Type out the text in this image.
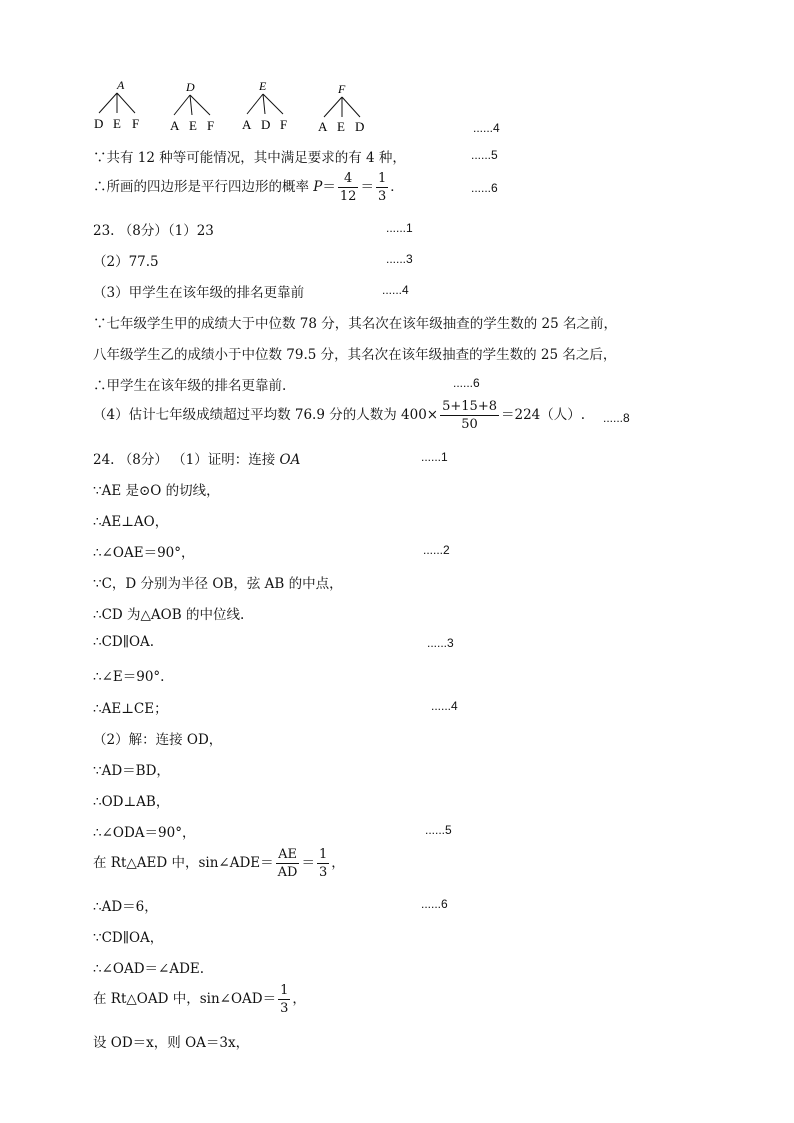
A
D E F
D
A E F
E
A D F
F
A E D	......4
∵共有 12 种等可能情况，其中满足要求的有 4 种，	......5
∴所画的四边形是平行四边形的概率 $P= \frac{4}{12} = \frac{1}{3}$ ．	......6
23. （8分）（1）23	......1
（2）77.5	......3
（3）甲学生在该年级的排名更靠前	......4
∵七年级学生甲的成绩大于中位数 78 分，其名次在该年级抽查的学生数的 25 名之前，
八年级学生乙的成绩小于中位数 79.5 分，其名次在该年级抽查的学生数的 25 名之后，
∴甲学生在该年级的排名更靠前.	......6
（4）估计七年级成绩超过平均数 76.9 分的人数为 $400\times \frac{5+15+8}{50} =224$（人）. ......8
24. （8分） （1）证明：连接 OA	......1
∵AE 是⊙O 的切线，
∴AE⊥AO，
∴∠OAE＝90°，	......2
∵C，D 分别为半径 OB，弦 AB 的中点，
∴CD 为△AOB 的中位线.
∴CD∥OA.	......3
∴∠E＝90°.
∴AE⊥CE；	......4
（2）解：连接 OD，
∵AD＝BD，
∴OD⊥AB，
∴∠ODA＝90°，	......5
在 Rt△AED 中，sin∠ADE＝ $\frac{AE}{AD} = \frac{1}{3}$ ，
∴AD＝6，	......6
∵CD∥OA，
∴∠OAD＝∠ADE.
在 Rt△OAD 中，sin∠OAD＝ $\frac{1}{3}$ ，
设 OD＝x，则 OA＝3x，
